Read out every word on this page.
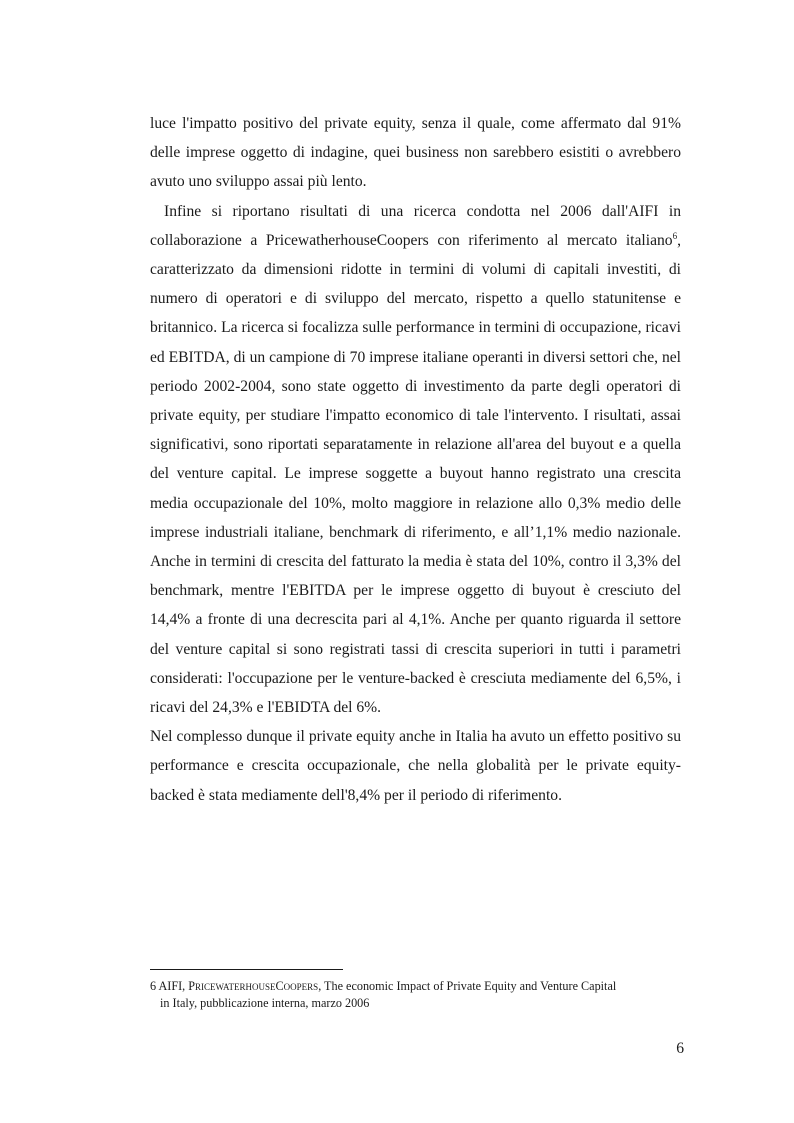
luce l'impatto positivo del private equity, senza il quale, come affermato dal 91% delle imprese oggetto di indagine, quei business non sarebbero esistiti o avrebbero avuto uno sviluppo assai più lento.

Infine si riportano risultati di una ricerca condotta nel 2006 dall'AIFI in collaborazione a PricewatherhouseCoopers con riferimento al mercato italiano$^6$, caratterizzato da dimensioni ridotte in termini di volumi di capitali investiti, di numero di operatori e di sviluppo del mercato, rispetto a quello statunitense e britannico. La ricerca si focalizza sulle performance in termini di occupazione, ricavi ed EBITDA, di un campione di 70 imprese italiane operanti in diversi settori che, nel periodo 2002-2004, sono state oggetto di investimento da parte degli operatori di private equity, per studiare l'impatto economico di tale l'intervento. I risultati, assai significativi, sono riportati separatamente in relazione all'area del buyout e a quella del venture capital. Le imprese soggette a buyout hanno registrato una crescita media occupazionale del 10%, molto maggiore in relazione allo 0,3% medio delle imprese industriali italiane, benchmark di riferimento, e all’1,1% medio nazionale. Anche in termini di crescita del fatturato la media è stata del 10%, contro il 3,3% del benchmark, mentre l'EBITDA per le imprese oggetto di buyout è cresciuto del 14,4% a fronte di una decrescita pari al 4,1%. Anche per quanto riguarda il settore del venture capital si sono registrati tassi di crescita superiori in tutti i parametri considerati: l'occupazione per le venture-backed è cresciuta mediamente del 6,5%, i ricavi del 24,3% e l'EBIDTA del 6%.

Nel complesso dunque il private equity anche in Italia ha avuto un effetto positivo su performance e crescita occupazionale, che nella globalità per le private equity-backed è stata mediamente dell'8,4% per il periodo di riferimento.

6 AIFI, PricewaterhouseCoopers, The economic Impact of Private Equity and Venture Capital
in Italy, pubblicazione interna, marzo 2006
6
